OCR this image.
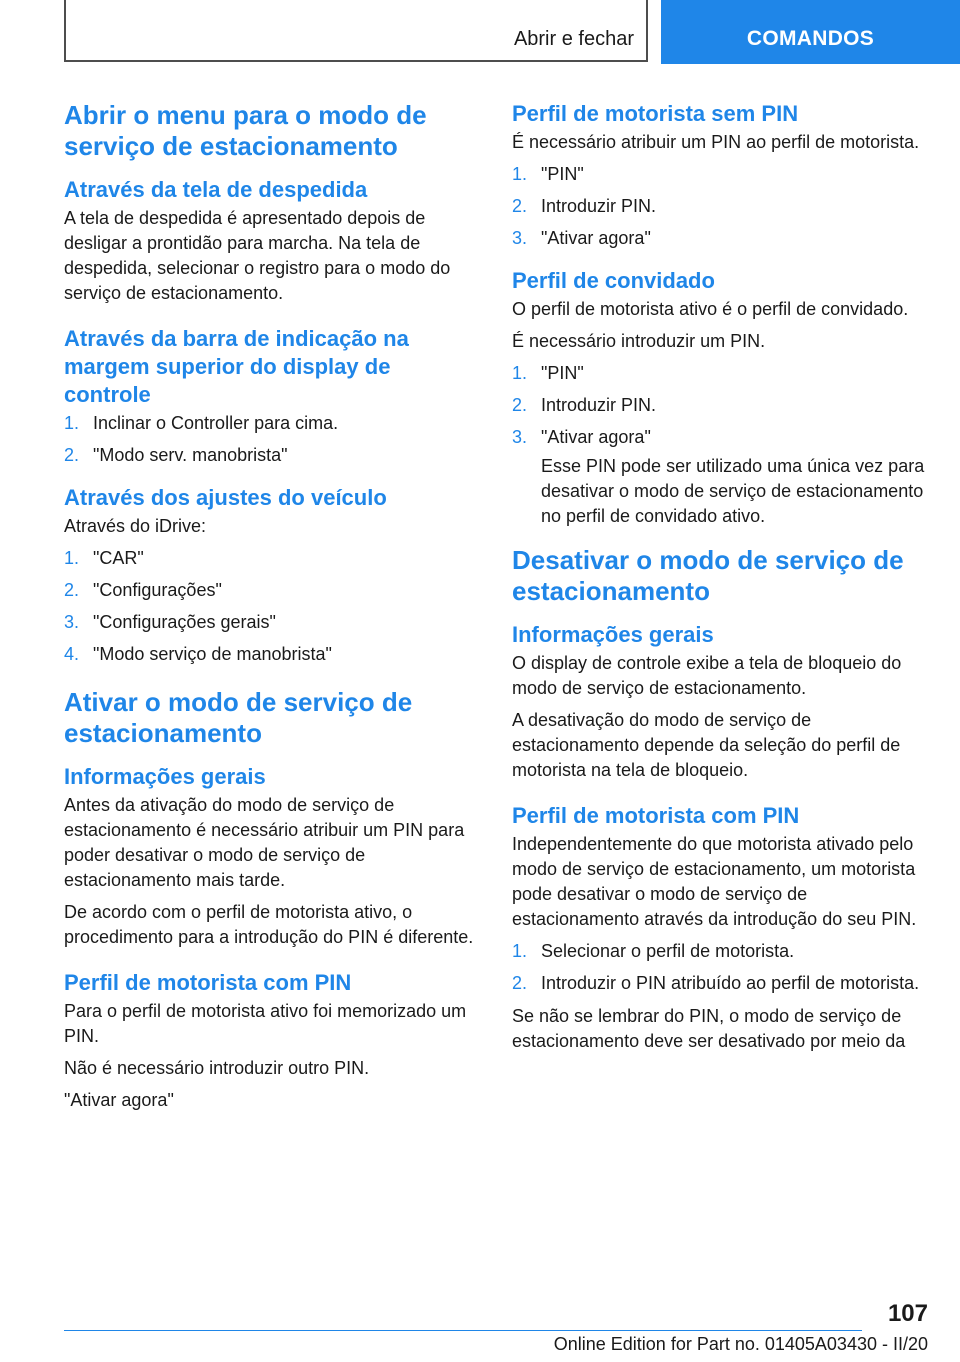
Abrir e fechar	COMANDOS
Abrir o menu para o modo de serviço de estacionamento
Através da tela de despedida

A tela de despedida é apresentado depois de desligar a prontidão para marcha. Na tela de despedida, selecionar o registro para o modo do serviço de estacionamento.

Através da barra de indicação na margem superior do display de controle
1. Inclinar o Controller para cima.
2. "Modo serv. manobrista"
Através dos ajustes do veículo

Através do iDrive:

1. "CAR"
2. "Configurações"
3. "Configurações gerais"
4. "Modo serviço de manobrista"
Ativar o modo de serviço de estacionamento
Informações gerais

Antes da ativação do modo de serviço de estacionamento é necessário atribuir um PIN para poder desativar o modo de serviço de estacionamento mais tarde.

De acordo com o perfil de motorista ativo, o procedimento para a introdução do PIN é diferente.

Perfil de motorista com PIN

Para o perfil de motorista ativo foi memorizado um PIN.

Não é necessário introduzir outro PIN.

"Ativar agora"

Perfil de motorista sem PIN

É necessário atribuir um PIN ao perfil de motorista.

1. "PIN"
2. Introduzir PIN.
3. "Ativar agora"
Perfil de convidado

O perfil de motorista ativo é o perfil de convidado.

É necessário introduzir um PIN.

1. "PIN"
2. Introduzir PIN.
3. "Ativar agora"
Esse PIN pode ser utilizado uma única vez para desativar o modo de serviço de estacionamento no perfil de convidado ativo.
Desativar o modo de serviço de estacionamento
Informações gerais

O display de controle exibe a tela de bloqueio do modo de serviço de estacionamento.

A desativação do modo de serviço de estacionamento depende da seleção do perfil de motorista na tela de bloqueio.

Perfil de motorista com PIN

Independentemente do que motorista ativado pelo modo de serviço de estacionamento, um motorista pode desativar o modo de serviço de estacionamento através da introdução do seu PIN.

1. Selecionar o perfil de motorista.
2. Introduzir o PIN atribuído ao perfil de motorista.

Se não se lembrar do PIN, o modo de serviço de estacionamento deve ser desativado por meio da

107
Online Edition for Part no. 01405A03430 - II/20
